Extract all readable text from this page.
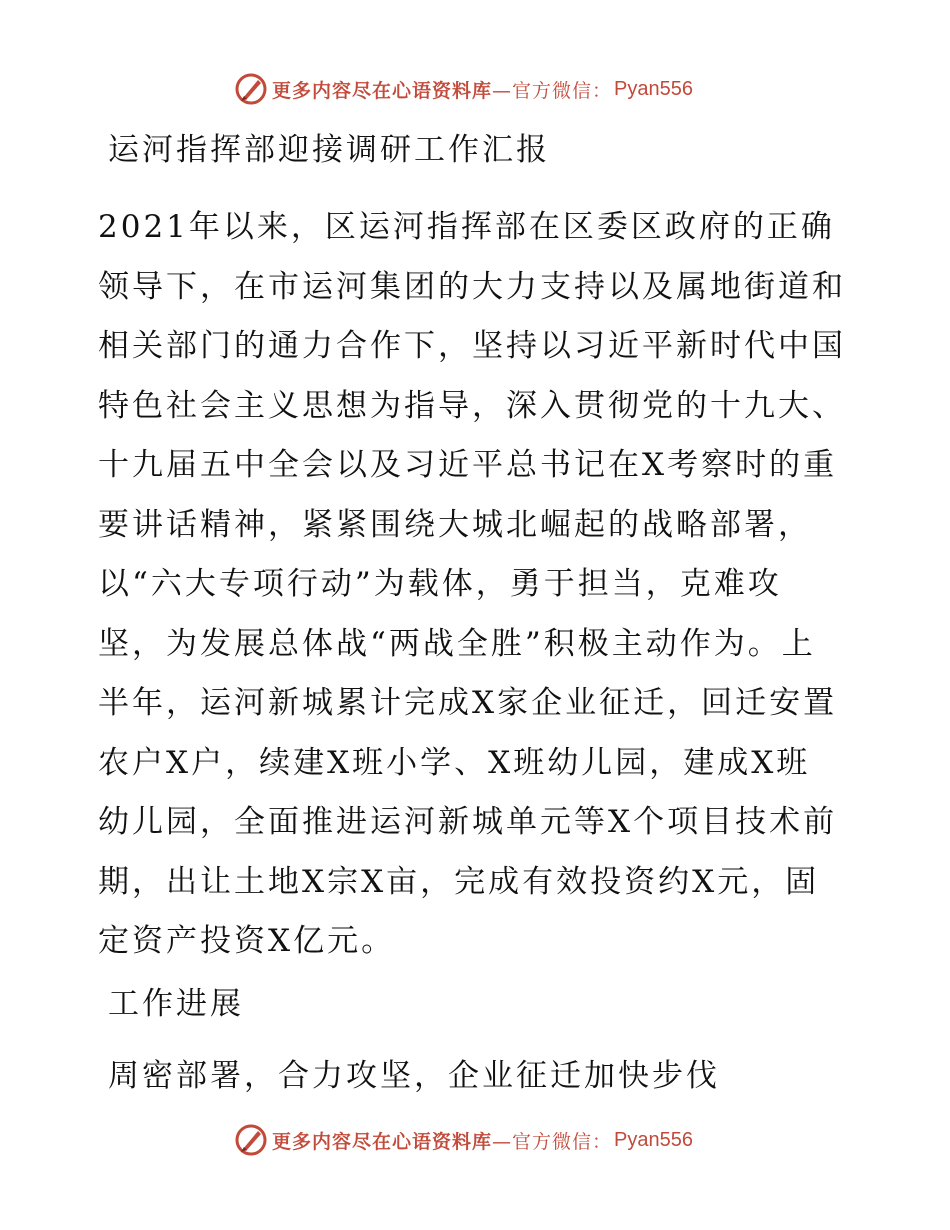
更多内容尽在心语资料库 —官方微信： Pyan556
运河指挥部迎接调研工作汇报

2021年以来，区运河指挥部在区委区政府的正确
领导下，在市运河集团的大力支持以及属地街道和
相关部门的通力合作下，坚持以习近平新时代中国
特色社会主义思想为指导，深入贯彻党的十九大、
十九届五中全会以及习近平总书记在X考察时的重
要讲话精神，紧紧围绕大城北崛起的战略部署，
以“六大专项行动”为载体，勇于担当，克难攻
坚，为发展总体战“两战全胜”积极主动作为。上
半年，运河新城累计完成X家企业征迁，回迁安置
农户X户，续建X班小学、X班幼儿园，建成X班
幼儿园，全面推进运河新城单元等X个项目技术前
期，出让土地X宗X亩，完成有效投资约X元，固
定资产投资X亿元。

工作进展
周密部署，合力攻坚，企业征迁加快步伐
更多内容尽在心语资料库 —官方微信： Pyan556
